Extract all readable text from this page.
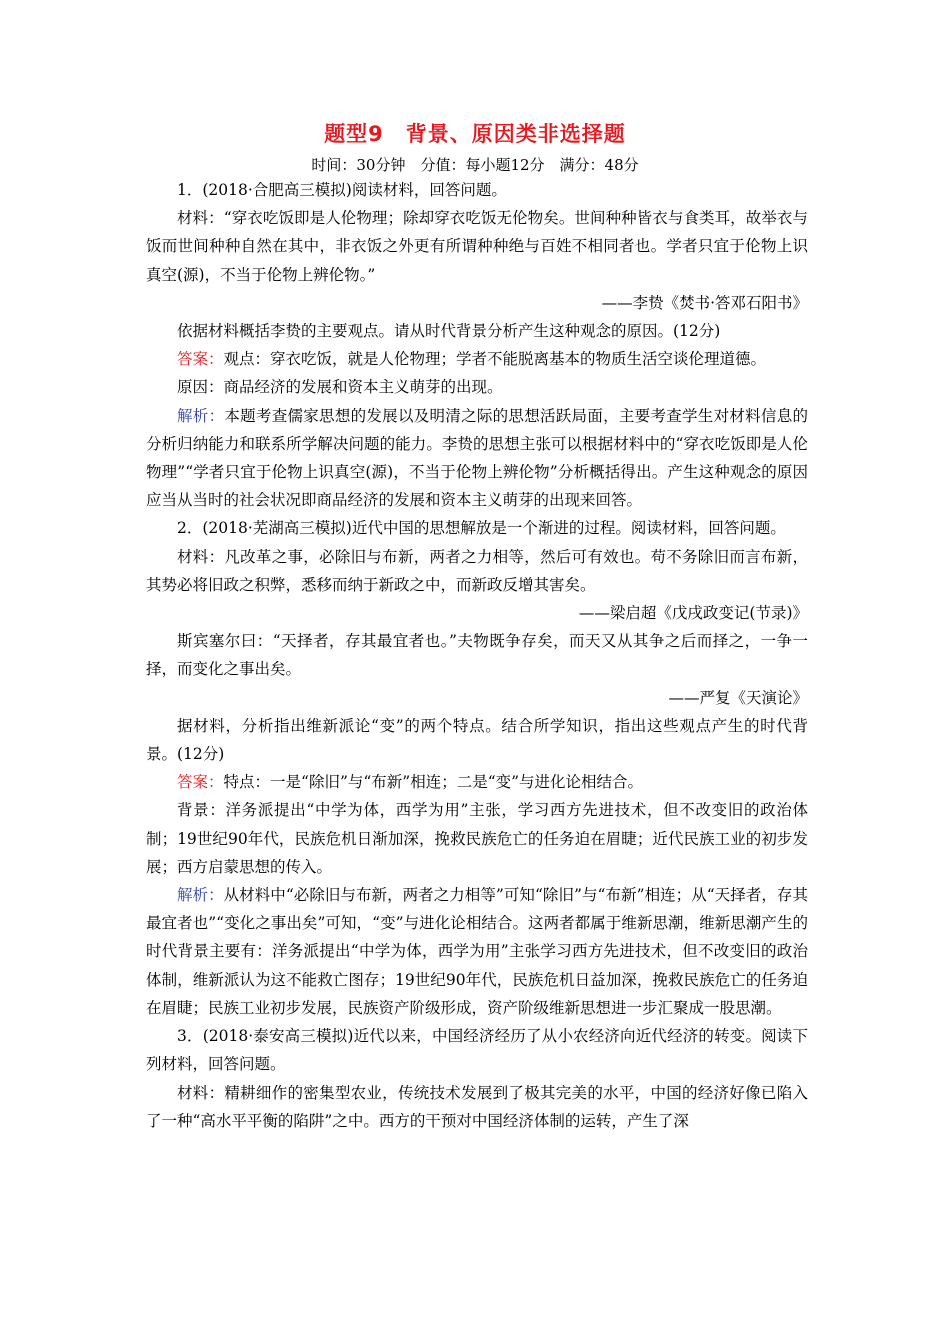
题型9　背景、原因类非选择题
时间：30分钟　分值：每小题12分　满分：48分

1．(2018·合肥高三模拟)阅读材料，回答问题。

材料：“穿衣吃饭即是人伦物理；除却穿衣吃饭无伦物矣。世间种种皆衣与食类耳，故举衣与饭而世间种种自然在其中，非衣饭之外更有所谓种种绝与百姓不相同者也。学者只宜于伦物上识真空(源)，不当于伦物上辨伦物。”

——李贽《焚书·答邓石阳书》

依据材料概括李贽的主要观点。请从时代背景分析产生这种观念的原因。(12分)

答案：观点：穿衣吃饭，就是人伦物理；学者不能脱离基本的物质生活空谈伦理道德。

原因：商品经济的发展和资本主义萌芽的出现。

解析：本题考查儒家思想的发展以及明清之际的思想活跃局面，主要考查学生对材料信息的分析归纳能力和联系所学解决问题的能力。李贽的思想主张可以根据材料中的“穿衣吃饭即是人伦物理”“学者只宜于伦物上识真空(源)，不当于伦物上辨伦物”分析概括得出。产生这种观念的原因应当从当时的社会状况即商品经济的发展和资本主义萌芽的出现来回答。

2．(2018·芜湖高三模拟)近代中国的思想解放是一个渐进的过程。阅读材料，回答问题。

材料：凡改革之事，必除旧与布新，两者之力相等，然后可有效也。苟不务除旧而言布新，其势必将旧政之积弊，悉移而纳于新政之中，而新政反增其害矣。

——梁启超《戊戌政变记(节录)》

斯宾塞尔曰：“天择者，存其最宜者也。”夫物既争存矣，而天又从其争之后而择之，一争一择，而变化之事出矣。

——严复《天演论》

据材料，分析指出维新派论“变”的两个特点。结合所学知识，指出这些观点产生的时代背景。(12分)

答案：特点：一是“除旧”与“布新”相连；二是“变”与进化论相结合。

背景：洋务派提出“中学为体，西学为用”主张，学习西方先进技术，但不改变旧的政治体制；19世纪90年代，民族危机日渐加深，挽救民族危亡的任务迫在眉睫；近代民族工业的初步发展；西方启蒙思想的传入。

解析：从材料中“必除旧与布新，两者之力相等”可知“除旧”与“布新”相连；从“天择者，存其最宜者也”“变化之事出矣”可知，“变”与进化论相结合。这两者都属于维新思潮，维新思潮产生的时代背景主要有：洋务派提出“中学为体，西学为用”主张学习西方先进技术，但不改变旧的政治体制，维新派认为这不能救亡图存；19世纪90年代，民族危机日益加深，挽救民族危亡的任务迫在眉睫；民族工业初步发展，民族资产阶级形成，资产阶级维新思想进一步汇聚成一股思潮。

3．(2018·泰安高三模拟)近代以来，中国经济经历了从小农经济向近代经济的转变。阅读下列材料，回答问题。

材料：精耕细作的密集型农业，传统技术发展到了极其完美的水平，中国的经济好像已陷入了一种“高水平平衡的陷阱”之中。西方的干预对中国经济体制的运转，产生了深
